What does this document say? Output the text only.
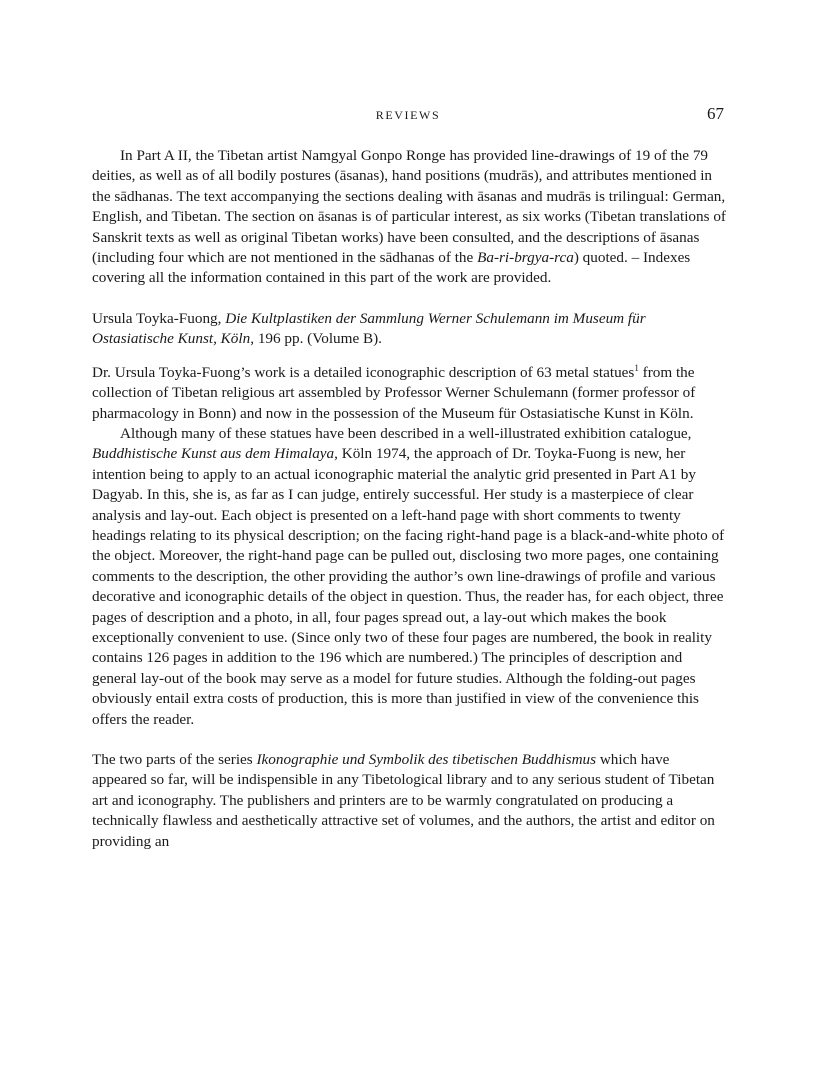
REVIEWS	67

In Part A II, the Tibetan artist Namgyal Gonpo Ronge has provided line-drawings of 19 of the 79 deities, as well as of all bodily postures (āsanas), hand positions (mudrās), and attributes mentioned in the sādhanas. The text accompanying the sections dealing with āsanas and mudrās is trilingual: German, English, and Tibetan. The section on āsanas is of particular interest, as six works (Tibetan translations of Sanskrit texts as well as original Tibetan works) have been consulted, and the descriptions of āsanas (including four which are not mentioned in the sādhanas of the Ba-ri-brgya-rca) quoted. – Indexes covering all the information contained in this part of the work are provided.

Ursula Toyka-Fuong, Die Kultplastiken der Sammlung Werner Schulemann im Museum für Ostasiatische Kunst, Köln, 196 pp. (Volume B).

Dr. Ursula Toyka-Fuong’s work is a detailed iconographic description of 63 metal statues$^1$ from the collection of Tibetan religious art assembled by Professor Werner Schulemann (former professor of pharmacology in Bonn) and now in the possession of the Museum für Ostasiatische Kunst in Köln.

Although many of these statues have been described in a well-illustrated exhibition catalogue, Buddhistische Kunst aus dem Himalaya, Köln 1974, the approach of Dr. Toyka-Fuong is new, her intention being to apply to an actual iconographic material the analytic grid presented in Part A1 by Dagyab. In this, she is, as far as I can judge, entirely successful. Her study is a masterpiece of clear analysis and lay-out. Each object is presented on a left-hand page with short comments to twenty headings relating to its physical description; on the facing right-hand page is a black-and-white photo of the object. Moreover, the right-hand page can be pulled out, disclosing two more pages, one containing comments to the description, the other providing the author’s own line-drawings of profile and various decorative and iconographic details of the object in question. Thus, the reader has, for each object, three pages of description and a photo, in all, four pages spread out, a lay-out which makes the book exceptionally convenient to use. (Since only two of these four pages are numbered, the book in reality contains 126 pages in addition to the 196 which are numbered.) The principles of description and general lay-out of the book may serve as a model for future studies. Although the folding-out pages obviously entail extra costs of production, this is more than justified in view of the convenience this offers the reader.

The two parts of the series Ikonographie und Symbolik des tibetischen Buddhismus which have appeared so far, will be indispensible in any Tibetological library and to any serious student of Tibetan art and iconography. The publishers and printers are to be warmly congratulated on producing a technically flawless and aesthetically attractive set of volumes, and the authors, the artist and editor on providing an
